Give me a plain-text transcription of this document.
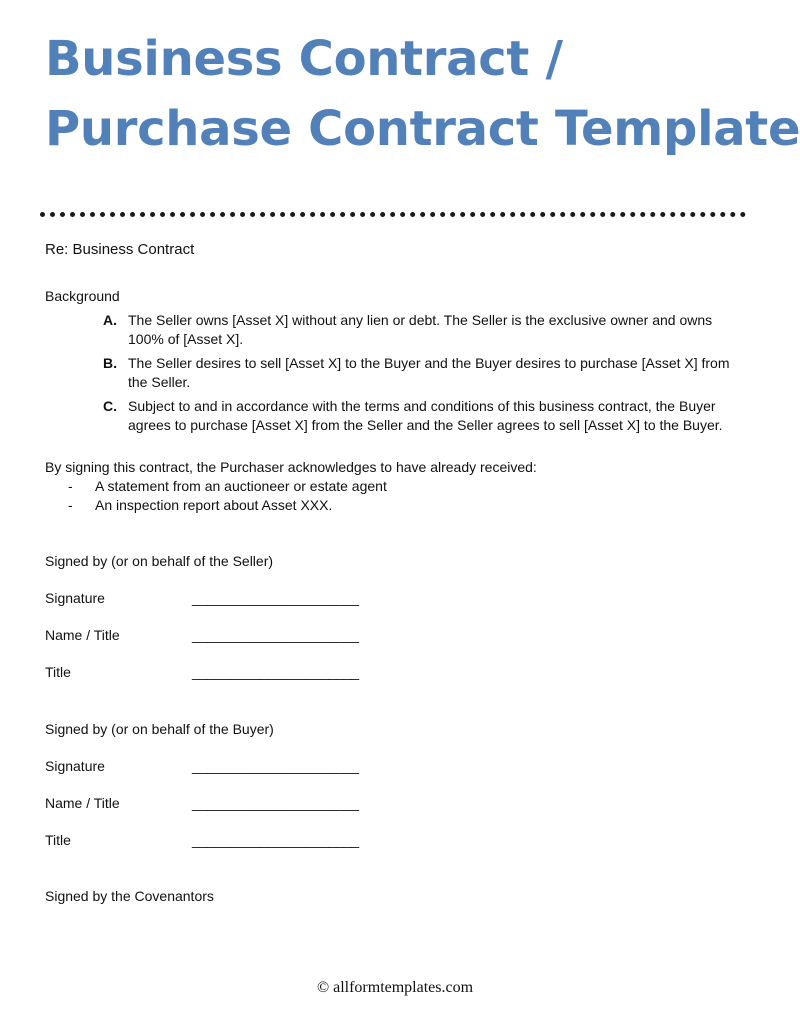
Business Contract /
Purchase Contract Template
Re: Business Contract
Background
A. The Seller owns [Asset X] without any lien or debt. The Seller is the exclusive owner and owns 100% of [Asset X].
B. The Seller desires to sell [Asset X] to the Buyer and the Buyer desires to purchase [Asset X] from the Seller.
C. Subject to and in accordance with the terms and conditions of this business contract, the Buyer agrees to purchase [Asset X] from the Seller and the Seller agrees to sell [Asset X] to the Buyer.
By signing this contract, the Purchaser acknowledges to have already received:
- A statement from an auctioneer or estate agent
- An inspection report about Asset XXX.
Signed by (or on behalf of the Seller)
Signature	______________________
Name / Title	______________________
Title	______________________
Signed by (or on behalf of the Buyer)
Signature	______________________
Name / Title	______________________
Title	______________________
Signed by the Covenantors
© allformtemplates.com
